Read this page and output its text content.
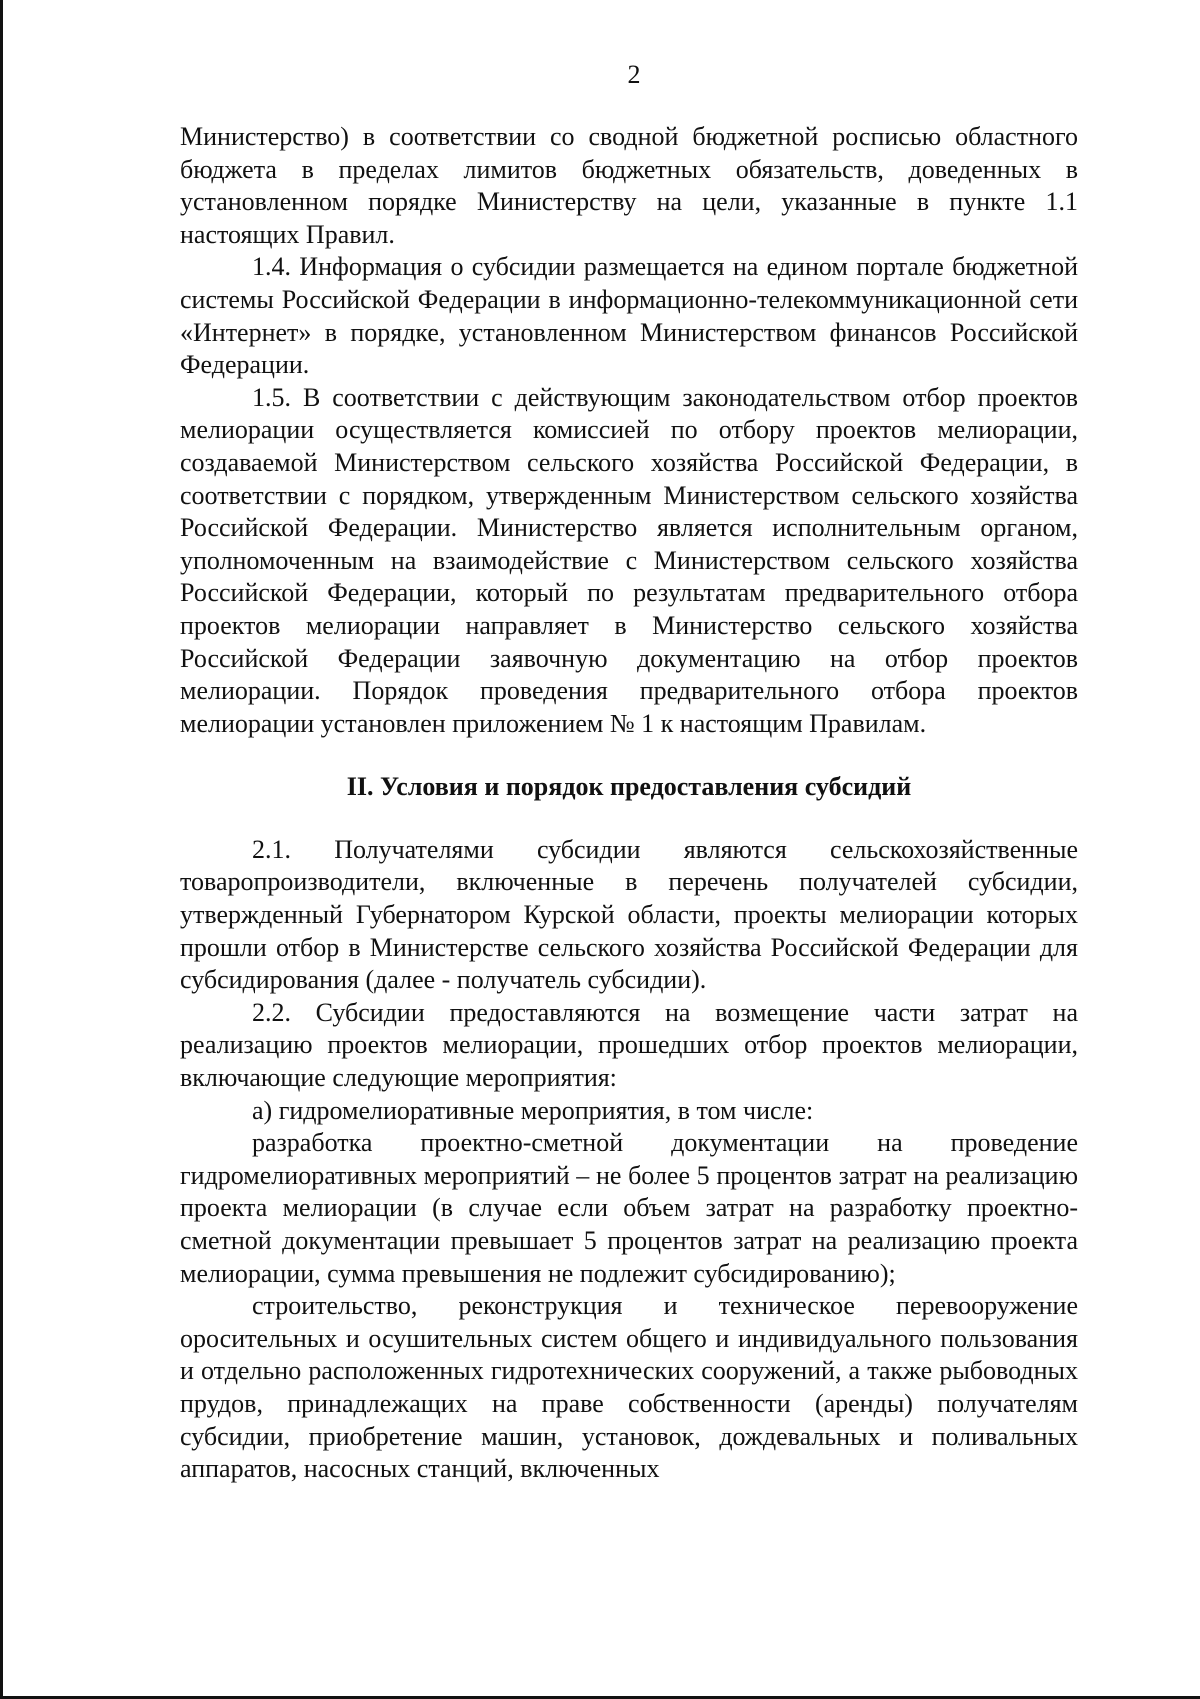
2

Министерство) в соответствии со сводной бюджетной росписью областного бюджета в пределах лимитов бюджетных обязательств, доведенных в установленном порядке Министерству на цели, указанные в пункте 1.1 настоящих Правил.

1.4. Информация о субсидии размещается на едином портале бюджетной системы Российской Федерации в информационно-телекоммуникационной сети «Интернет» в порядке, установленном Министерством финансов Российской Федерации.

1.5. В соответствии с действующим законодательством отбор проектов мелиорации осуществляется комиссией по отбору проектов мелиорации, создаваемой Министерством сельского хозяйства Российской Федерации, в соответствии с порядком, утвержденным Министерством сельского хозяйства Российской Федерации. Министерство является исполнительным органом, уполномоченным на взаимодействие с Министерством сельского хозяйства Российской Федерации, который по результатам предварительного отбора проектов мелиорации направляет в Министерство сельского хозяйства Российской Федерации заявочную документацию на отбор проектов мелиорации. Порядок проведения предварительного отбора проектов мелиорации установлен приложением № 1 к настоящим Правилам.

II. Условия и порядок предоставления субсидий

2.1. Получателями субсидии являются сельскохозяйственные товаропроизводители, включенные в перечень получателей субсидии, утвержденный Губернатором Курской области, проекты мелиорации которых прошли отбор в Министерстве сельского хозяйства Российской Федерации для субсидирования (далее - получатель субсидии).

2.2. Субсидии предоставляются на возмещение части затрат на реализацию проектов мелиорации, прошедших отбор проектов мелиорации, включающие следующие мероприятия:

а) гидромелиоративные мероприятия, в том числе:

разработка проектно-сметной документации на проведение гидромелиоративных мероприятий – не более 5 процентов затрат на реализацию проекта мелиорации (в случае если объем затрат на разработку проектно-сметной документации превышает 5 процентов затрат на реализацию проекта мелиорации, сумма превышения не подлежит субсидированию);

строительство, реконструкция и техническое перевооружение оросительных и осушительных систем общего и индивидуального пользования и отдельно расположенных гидротехнических сооружений, а также рыбоводных прудов, принадлежащих на праве собственности (аренды) получателям субсидии, приобретение машин, установок, дождевальных и поливальных аппаратов, насосных станций, включенных
